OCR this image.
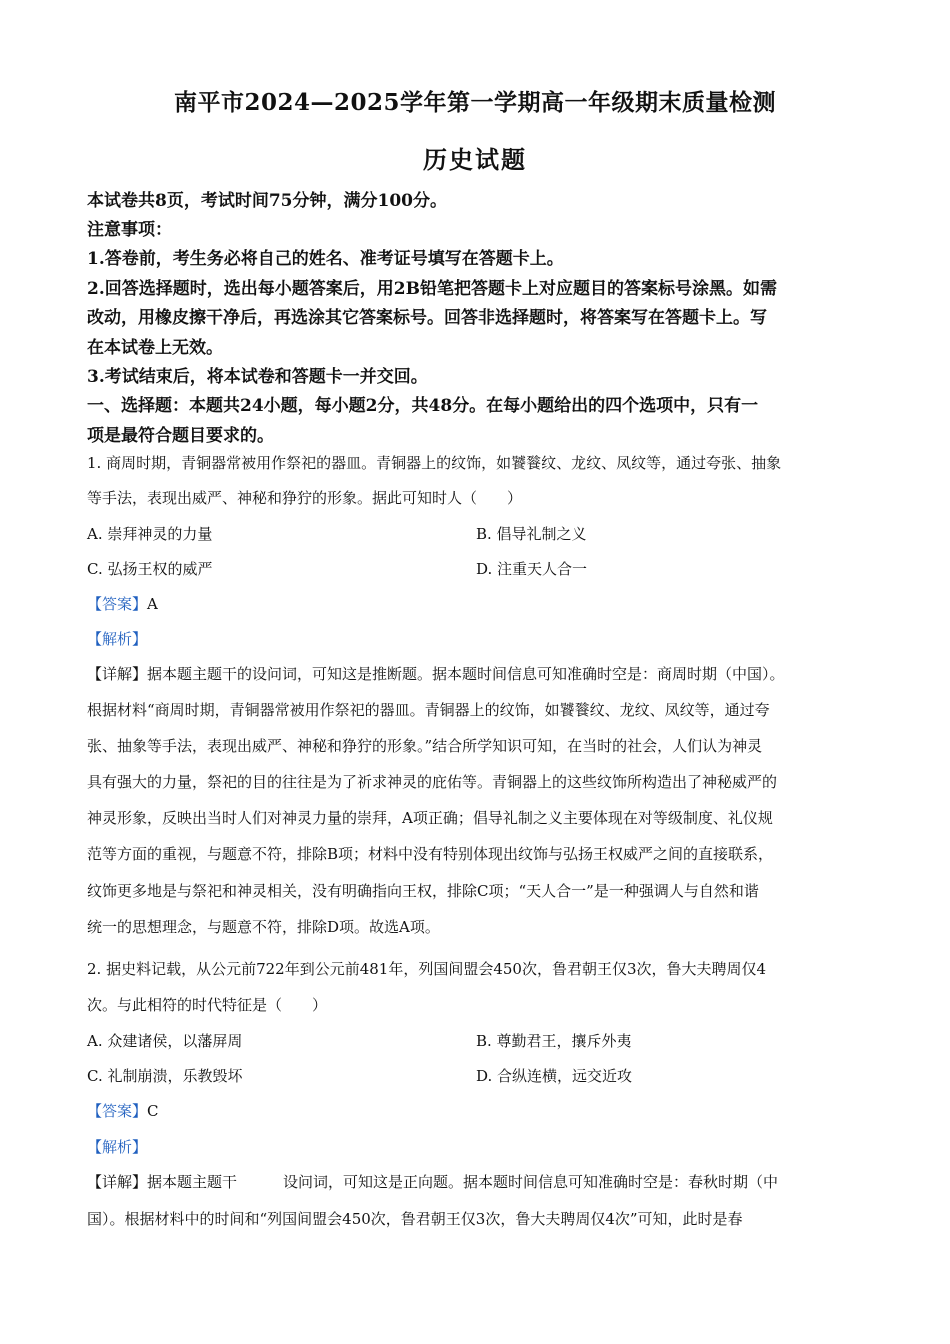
南平市2024—2025学年第一学期高一年级期末质量检测
历史试题
本试卷共8页，考试时间75分钟，满分100分。
注意事项：
1.答卷前，考生务必将自己的姓名、准考证号填写在答题卡上。
2.回答选择题时，选出每小题答案后，用2B铅笔把答题卡上对应题目的答案标号涂黑。如需
改动，用橡皮擦干净后，再选涂其它答案标号。回答非选择题时，将答案写在答题卡上。写
在本试卷上无效。
3.考试结束后，将本试卷和答题卡一并交回。
一、选择题：本题共24小题，每小题2分，共48分。在每小题给出的四个选项中，只有一
项是最符合题目要求的。
1. 商周时期，青铜器常被用作祭祀的器皿。青铜器上的纹饰，如饕餮纹、龙纹、凤纹等，通过夸张、抽象
等手法，表现出威严、神秘和狰狞的形象。据此可知时人（　　）
A. 崇拜神灵的力量	B. 倡导礼制之义
C. 弘扬王权的威严	D. 注重天人合一
【答案】A
【解析】
【详解】据本题主题干的设问词，可知这是推断题。据本题时间信息可知准确时空是：商周时期（中国）。
根据材料“商周时期，青铜器常被用作祭祀的器皿。青铜器上的纹饰，如饕餮纹、龙纹、凤纹等，通过夸
张、抽象等手法，表现出威严、神秘和狰狞的形象。”结合所学知识可知，在当时的社会，人们认为神灵
具有强大的力量，祭祀的目的往往是为了祈求神灵的庇佑等。青铜器上的这些纹饰所构造出了神秘威严的
神灵形象，反映出当时人们对神灵力量的崇拜，A项正确；倡导礼制之义主要体现在对等级制度、礼仪规
范等方面的重视，与题意不符，排除B项；材料中没有特别体现出纹饰与弘扬王权威严之间的直接联系，
纹饰更多地是与祭祀和神灵相关，没有明确指向王权，排除C项；“天人合一”是一种强调人与自然和谐
统一的思想理念，与题意不符，排除D项。故选A项。
2. 据史料记载，从公元前722年到公元前481年，列国间盟会450次，鲁君朝王仅3次，鲁大夫聘周仅4
次。与此相符的时代特征是（　　）
A. 众建诸侯，以藩屏周	B. 尊勤君王，攘斥外夷
C. 礼制崩溃，乐教毁坏	D. 合纵连横，远交近攻
【答案】C
【解析】
【详解】据本题主题干	设问词，可知这是正向题。据本题时间信息可知准确时空是：春秋时期（中
国）。根据材料中的时间和“列国间盟会450次，鲁君朝王仅3次，鲁大夫聘周仅4次”可知，此时是春
